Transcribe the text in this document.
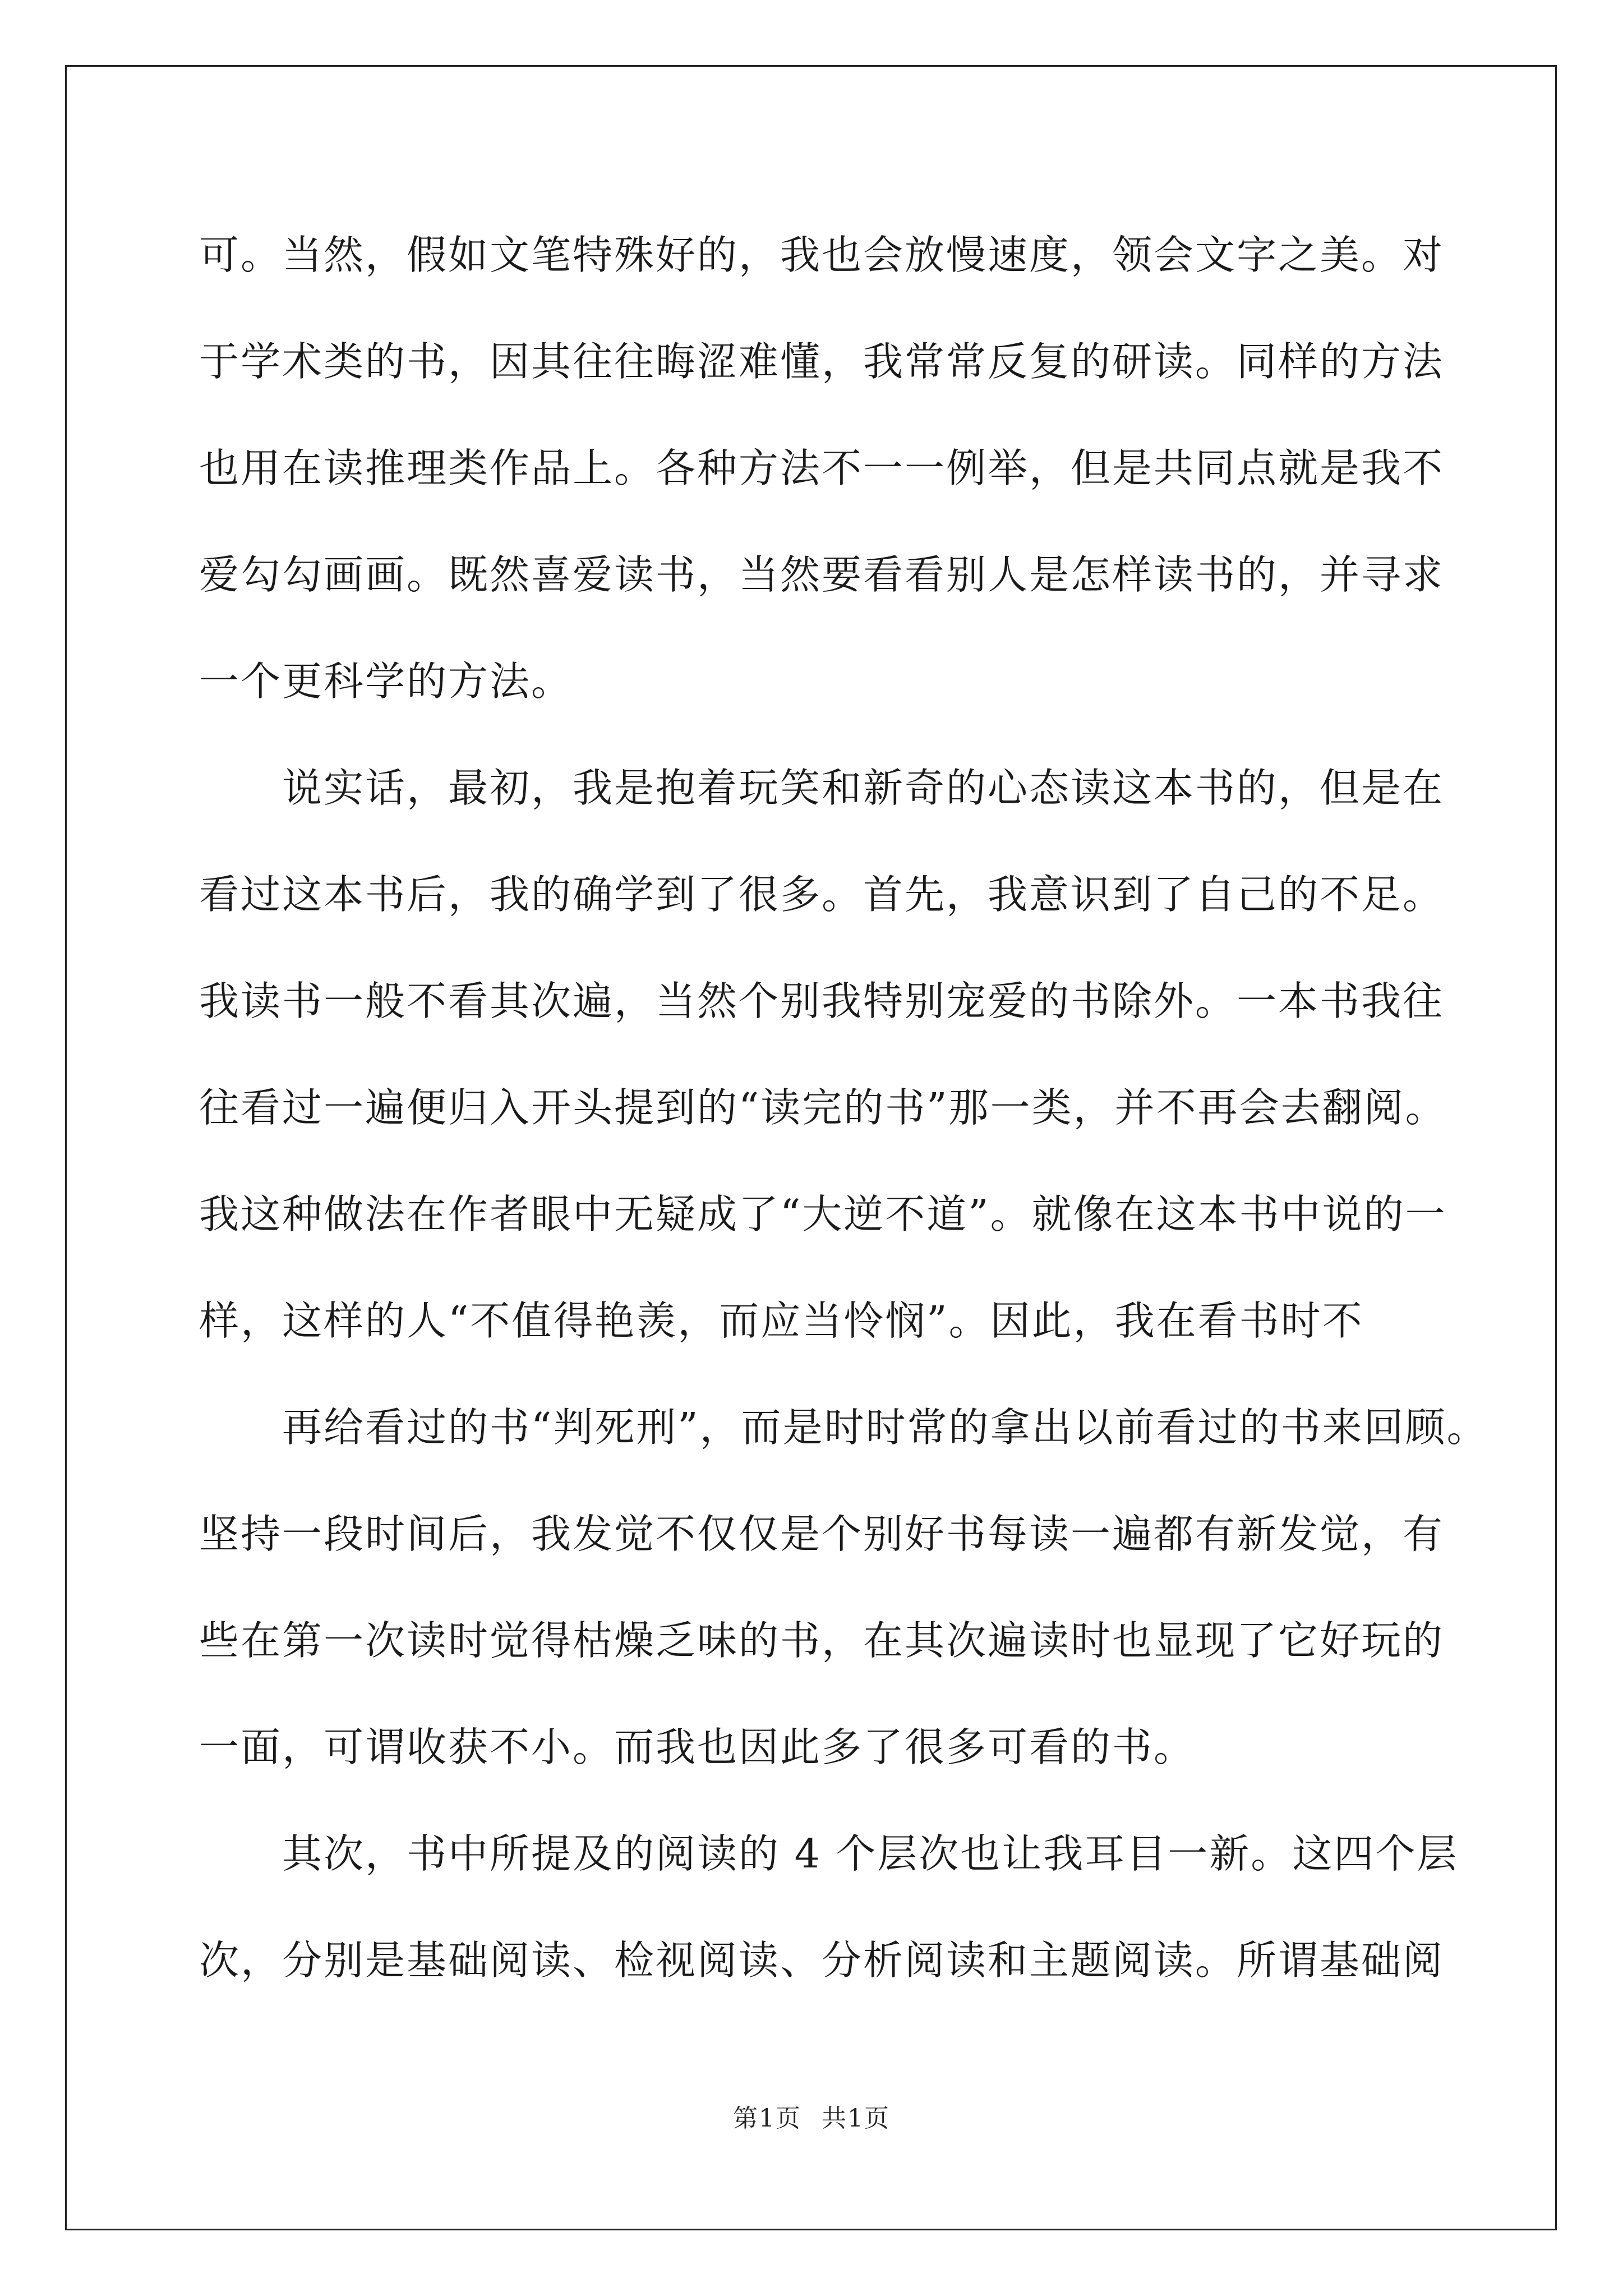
可。当然，假如文笔特殊好的，我也会放慢速度，领会文字之美。对
于学术类的书，因其往往晦涩难懂，我常常反复的研读。同样的方法
也用在读推理类作品上。各种方法不一一例举，但是共同点就是我不
爱勾勾画画。既然喜爱读书，当然要看看别人是怎样读书的，并寻求
一个更科学的方法。
说实话，最初，我是抱着玩笑和新奇的心态读这本书的，但是在
看过这本书后，我的确学到了很多。首先，我意识到了自己的不足。
我读书一般不看其次遍，当然个别我特别宠爱的书除外。一本书我往
往看过一遍便归入开头提到的“读完的书”那一类，并不再会去翻阅。
我这种做法在作者眼中无疑成了“大逆不道”。就像在这本书中说的一
样，这样的人“不值得艳羡，而应当怜悯”。因此，我在看书时不
再给看过的书“判死刑”，而是时时常的拿出以前看过的书来回顾。
坚持一段时间后，我发觉不仅仅是个别好书每读一遍都有新发觉，有
些在第一次读时觉得枯燥乏味的书，在其次遍读时也显现了它好玩的
一面，可谓收获不小。而我也因此多了很多可看的书。
其次，书中所提及的阅读的 4 个层次也让我耳目一新。这四个层
次，分别是基础阅读、检视阅读、分析阅读和主题阅读。所谓基础阅
第1页 共1页
